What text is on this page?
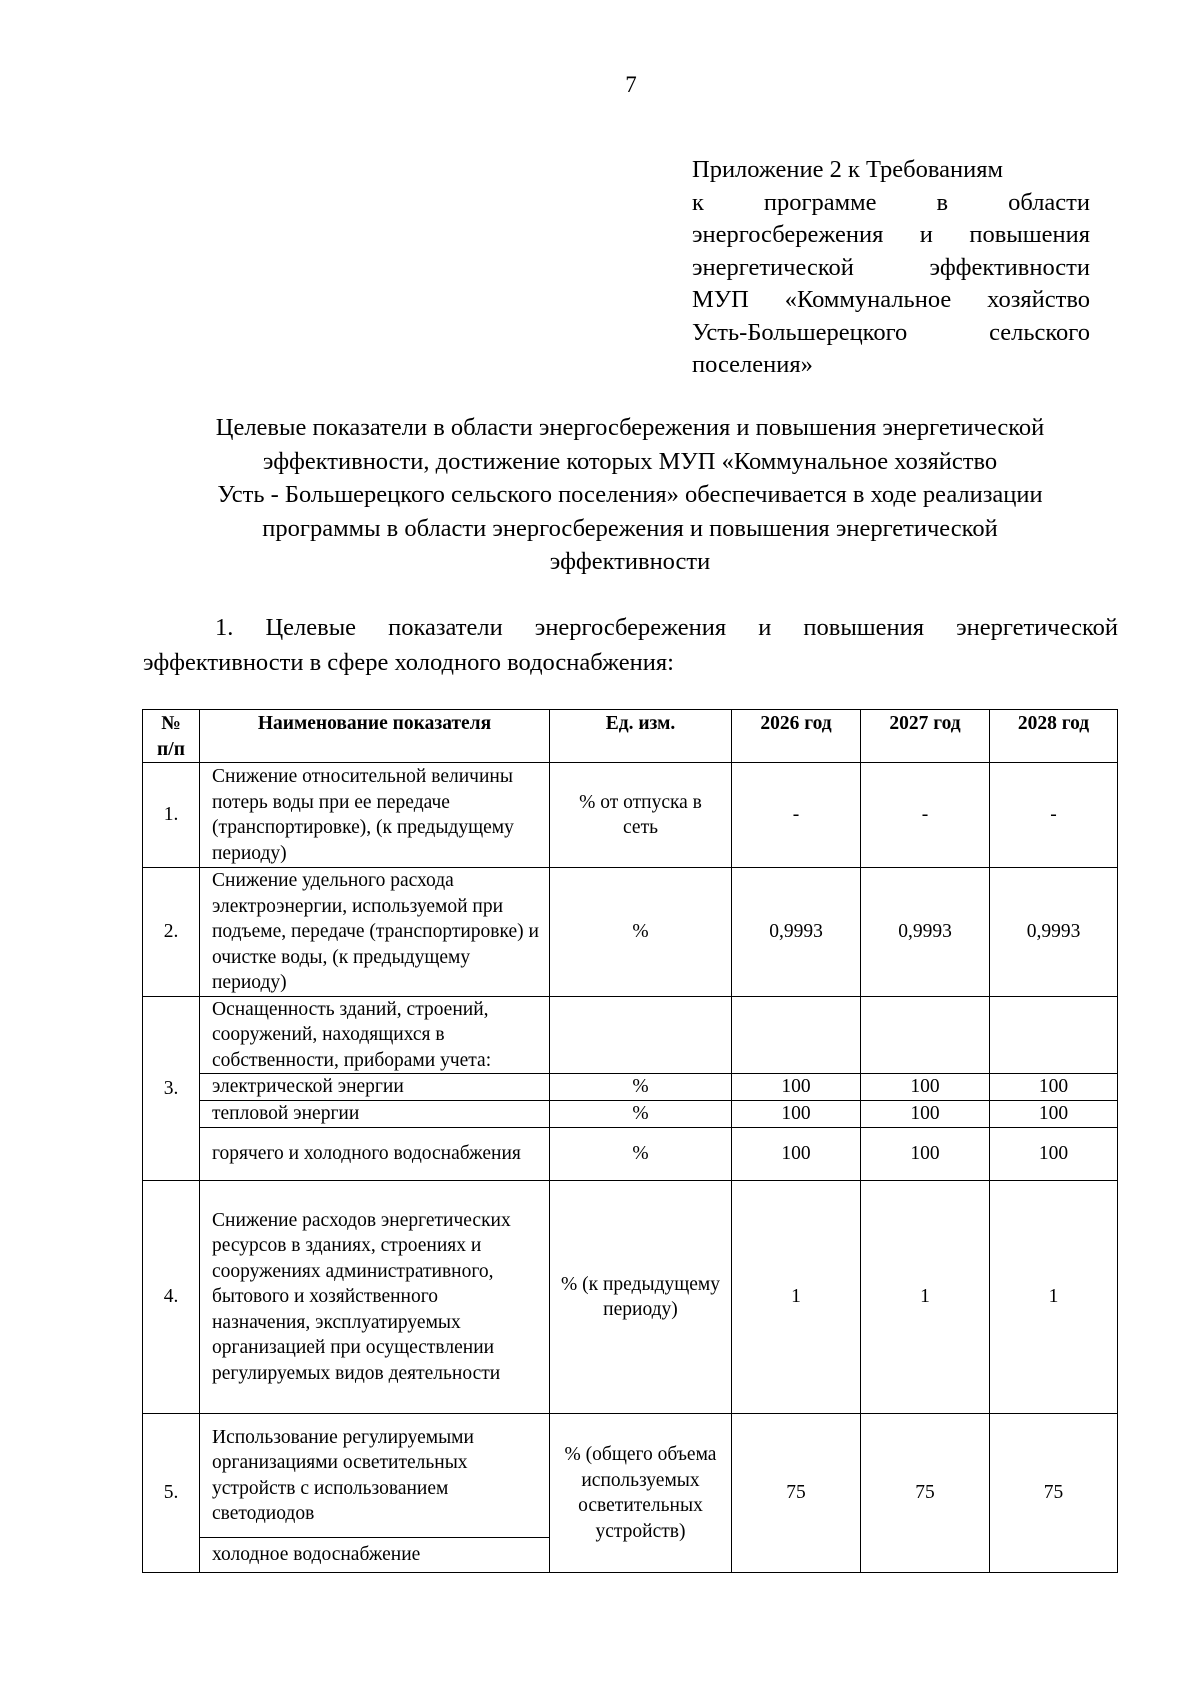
7
Приложение 2 к Требованиям
к программе в области
энергосбережения и повышения
энергетической эффективности
МУП «Коммунальное хозяйство
Усть-Большерецкого сельского
поселения»
Целевые показатели в области энергосбережения и повышения энергетической
эффективности, достижение которых МУП «Коммунальное хозяйство
Усть - Большерецкого сельского поселения» обеспечивается в ходе реализации
программы в области энергосбережения и повышения энергетической
эффективности
1. Целевые показатели энергосбережения и повышения энергетической
эффективности в сфере холодного водоснабжения:
№ п/п	Наименование показателя	Ед. изм.	2026 год	2027 год	2028 год
1.	Снижение относительной величины потерь воды при ее передаче (транспортировке), (к предыдущему периоду)	% от отпуска в сеть	-	-	-
2.	Снижение удельного расхода электроэнергии, используемой при подъеме, передаче (транспортировке) и очистке воды, (к предыдущему периоду)	%	0,9993	0,9993	0,9993
3.	Оснащенность зданий, строений, сооружений, находящихся в собственности, приборами учета:				
	электрической энергии	%	100	100	100
	тепловой энергии	%	100	100	100
	горячего и холодного водоснабжения	%	100	100	100
4.	Снижение расходов энергетических ресурсов в зданиях, строениях и сооружениях административного, бытового и хозяйственного назначения, эксплуатируемых организацией при осуществлении регулируемых видов деятельности	% (к предыдущему периоду)	1	1	1
5.	Использование регулируемыми организациями осветительных устройств с использованием светодиодов	% (общего объема используемых осветительных устройств)	75	75	75
	холодное водоснабжение				
